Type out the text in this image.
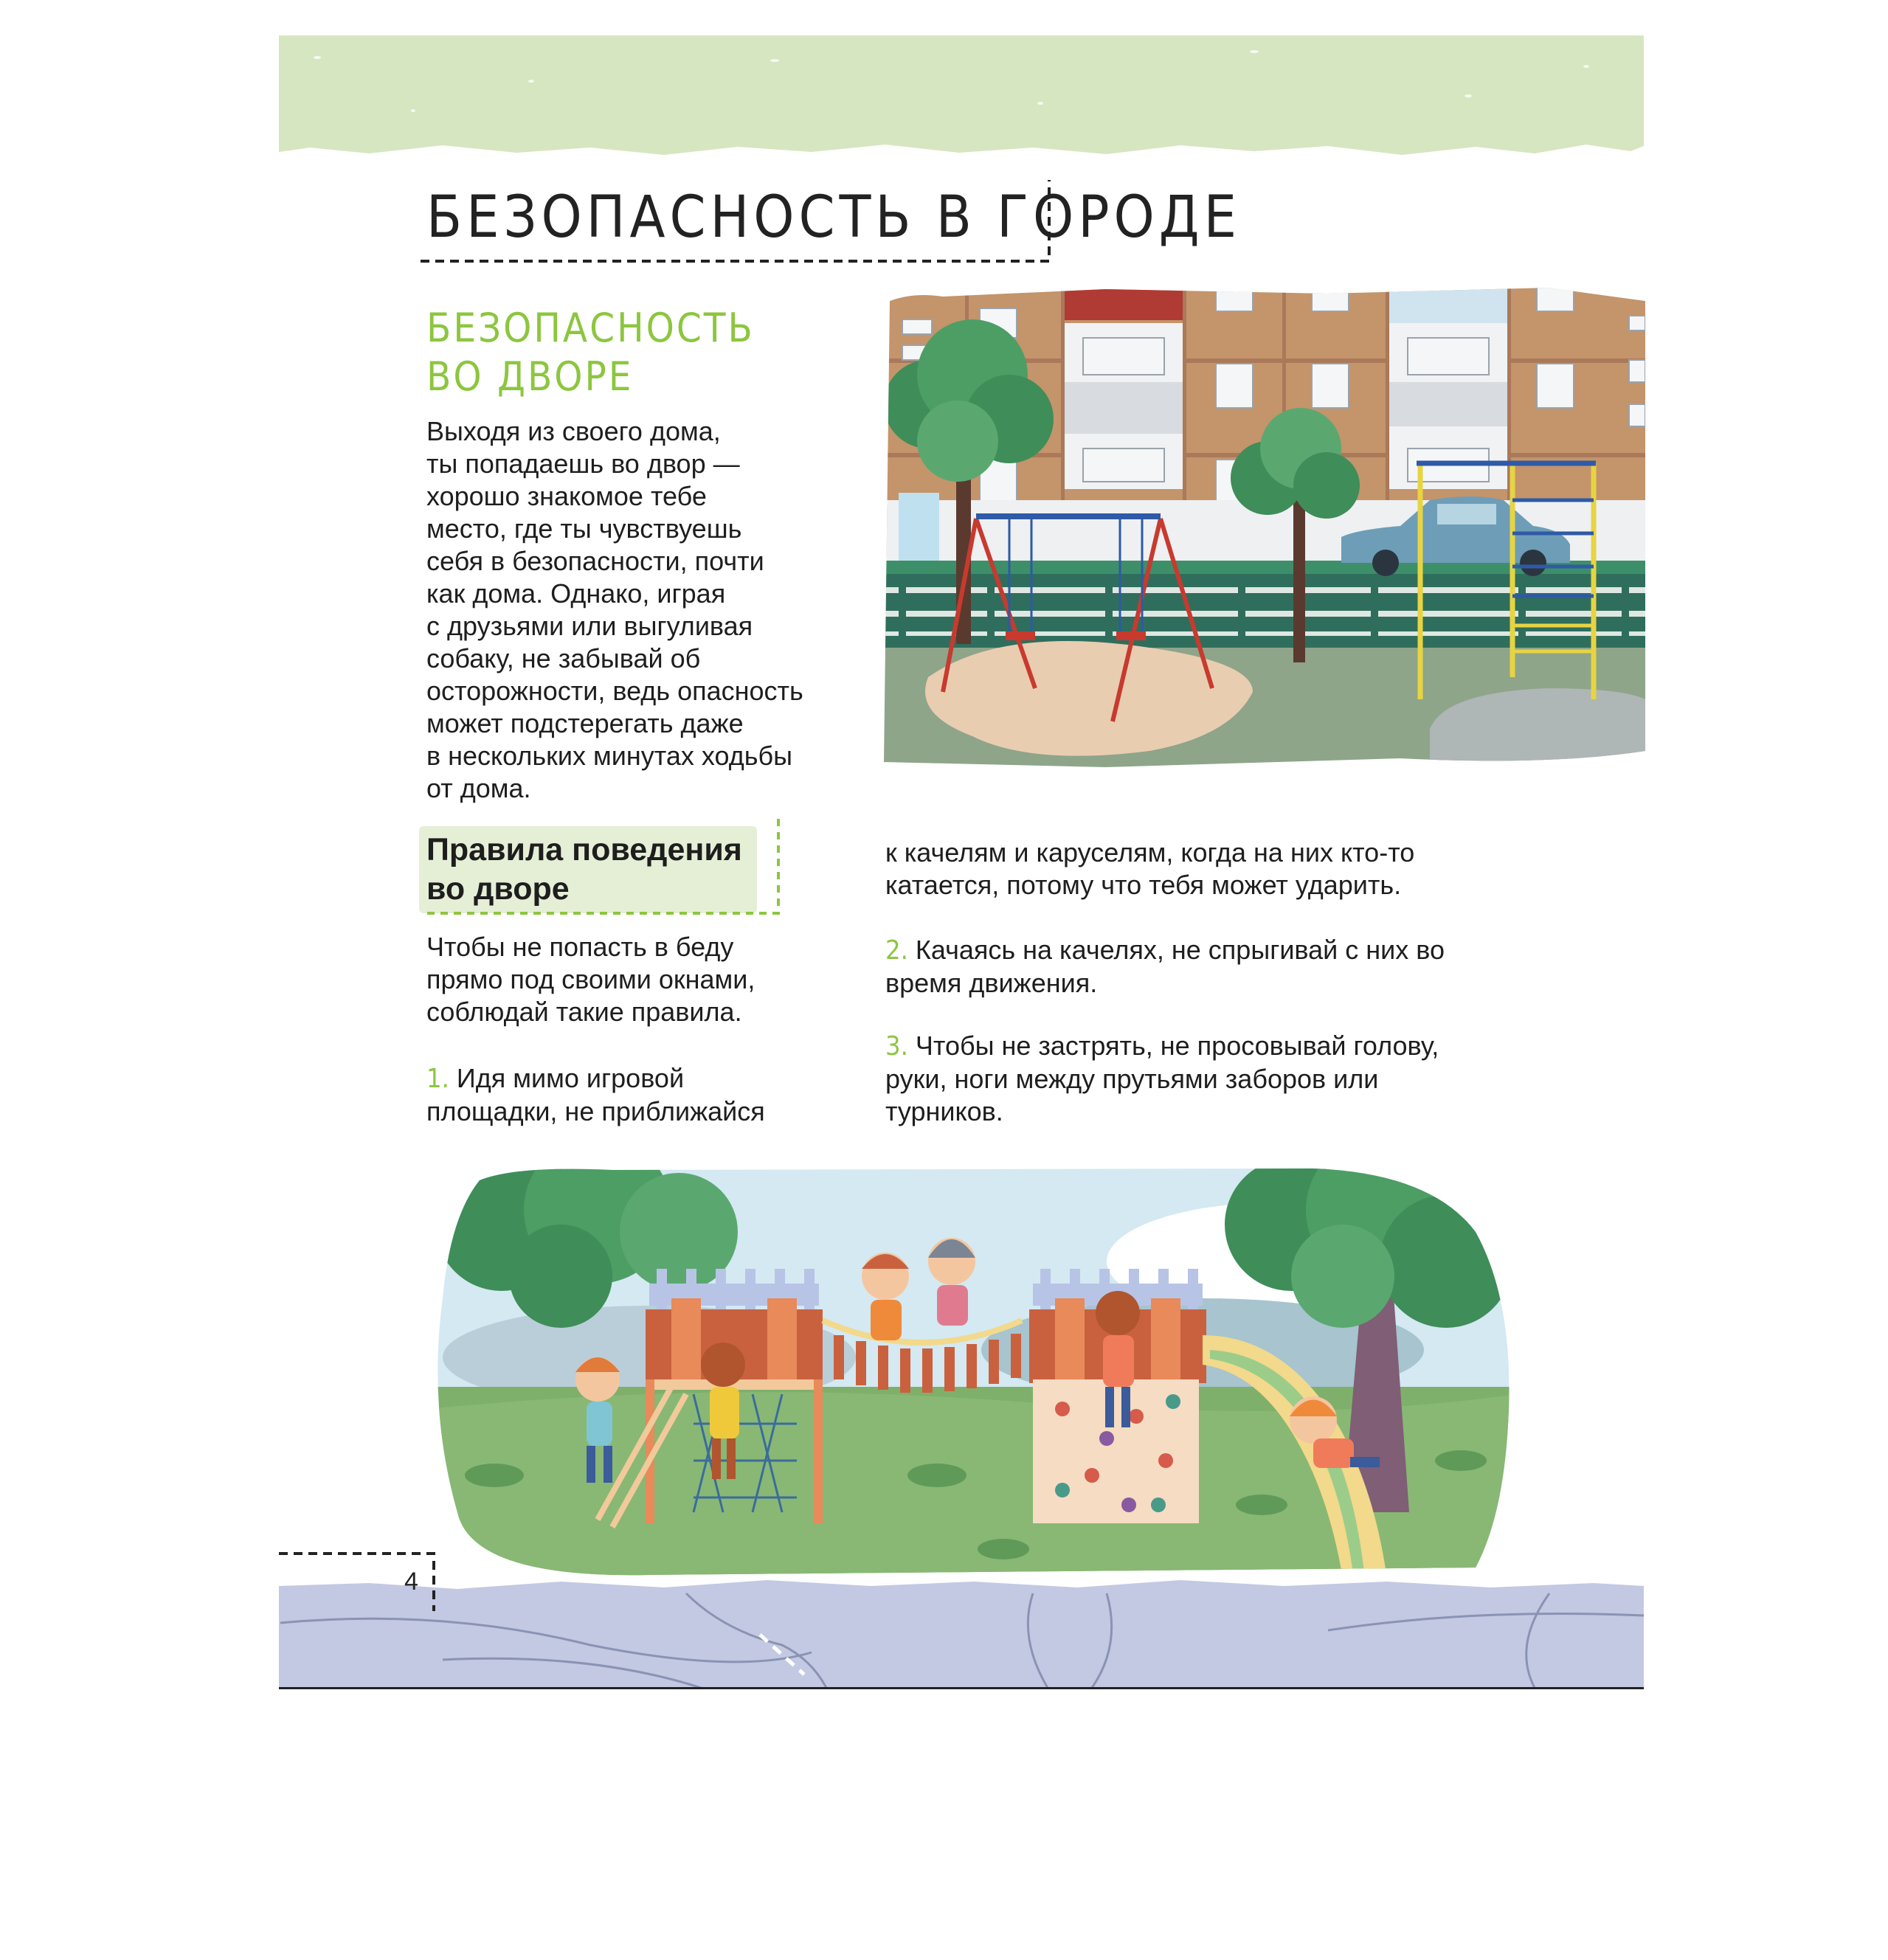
БЕЗОПАСНОСТЬ В ГОРОДЕ
БЕЗОПАСНОСТЬ
ВО ДВОРЕ
Выходя из своего дома,
ты попадаешь во двор —
хорошо знакомое тебе
место, где ты чувствуешь
себя в безопасности, почти
как дома. Однако, играя
с друзьями или выгуливая
собаку, не забывай об
осторожности, ведь опасность
может подстерегать даже
в нескольких минутах ходьбы
от дома.
Правила поведения
во дворе
Чтобы не попасть в беду
прямо под своими окнами,
соблюдай такие правила.
1. Идя мимо игровой
площадки, не приближайся
к качелям и каруселям, когда на них кто-то
катается, потому что тебя может ударить.
2. Качаясь на качелях, не спрыгивай с них во
время движения.
3. Чтобы не застрять, не просовывай голову,
руки, ноги между прутьями заборов или
турников.
4
